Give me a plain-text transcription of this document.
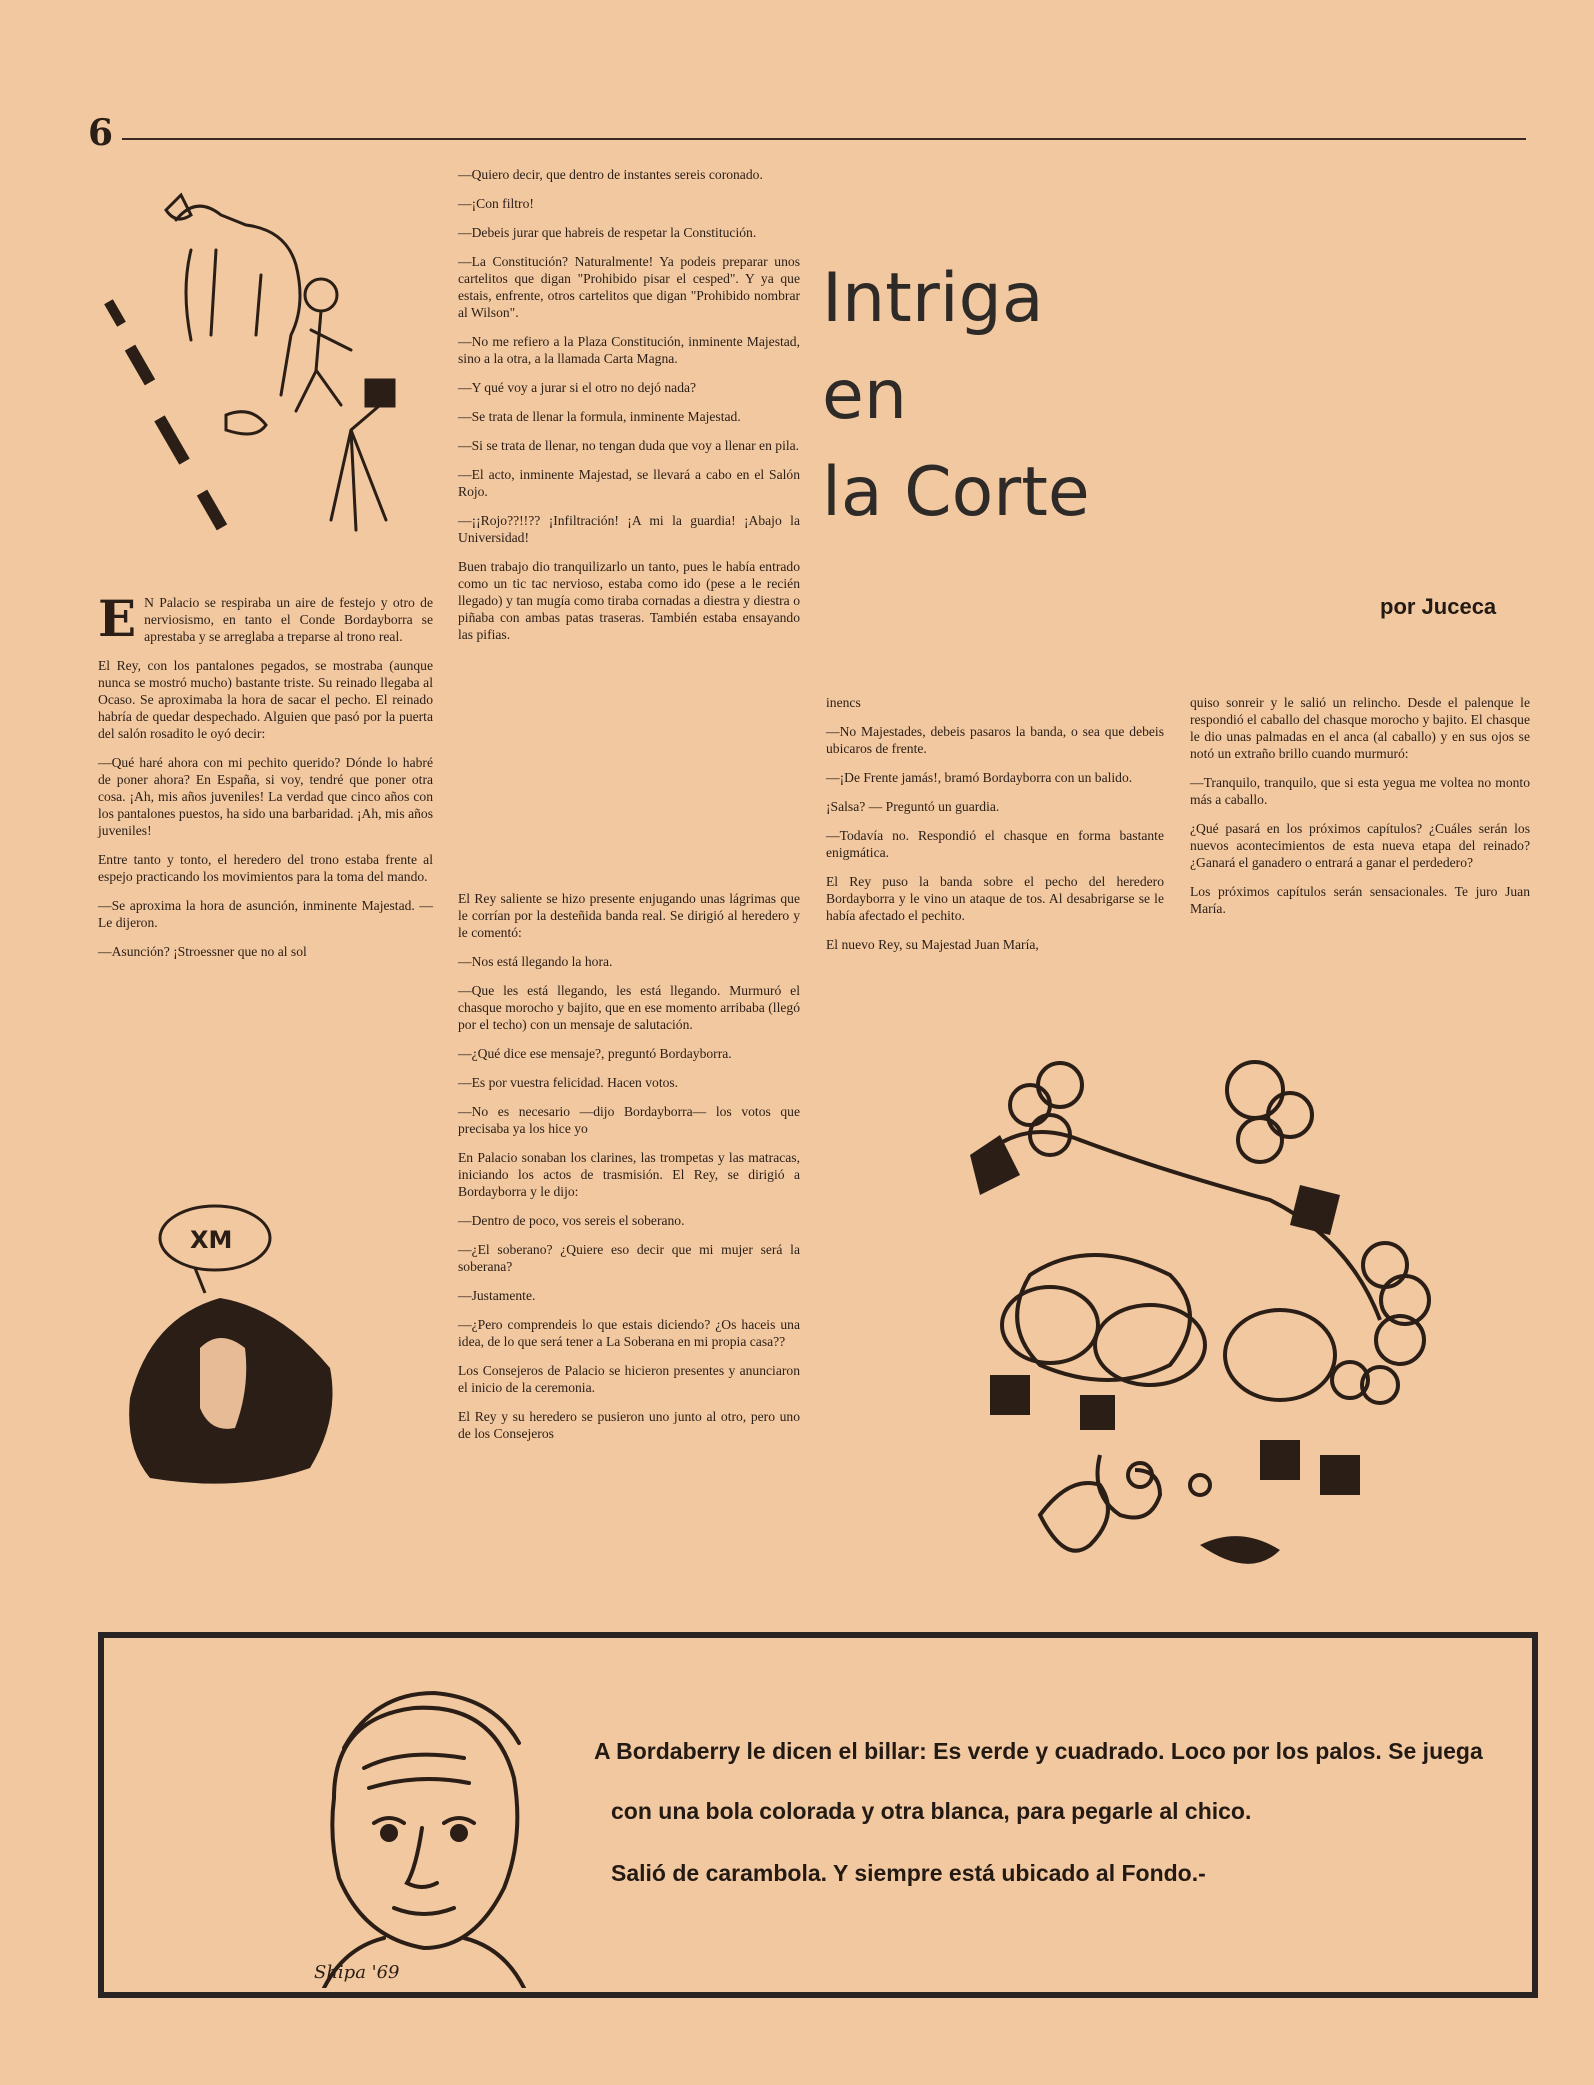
6
XM
Intriga
en
la Corte
por Juceca

E N Palacio se respiraba un aire de festejo y otro de nerviosismo, en tanto el Conde Bordayborra se aprestaba y se arreglaba a treparse al trono real.

El Rey, con los pantalones pegados, se mostraba (aunque nunca se mostró mucho) bastante triste. Su reinado llegaba al Ocaso. Se aproximaba la hora de sacar el pecho. El reinado habría de quedar despechado. Alguien que pasó por la puerta del salón rosadito le oyó decir:

—Qué haré ahora con mi pechito querido? Dónde lo habré de poner ahora? En España, si voy, tendré que poner otra cosa. ¡Ah, mis años juveniles! La verdad que cinco años con los pantalones puestos, ha sido una barbaridad. ¡Ah, mis años juveniles!

Entre tanto y tonto, el heredero del trono estaba frente al espejo practicando los movimientos para la toma del mando.

—Se aproxima la hora de asunción, inminente Majestad. —Le dijeron.

—Asunción? ¡Stroessner que no al sol

—Quiero decir, que dentro de instantes sereis coronado.

—¡Con filtro!

—Debeis jurar que habreis de respetar la Constitución.

—La Constitución? Naturalmente! Ya podeis preparar unos cartelitos que digan "Prohibido pisar el cesped". Y ya que estais, enfrente, otros cartelitos que digan "Prohibido nombrar al Wilson".

—No me refiero a la Plaza Constitución, inminente Majestad, sino a la otra, a la llamada Carta Magna.

—Y qué voy a jurar si el otro no dejó nada?

—Se trata de llenar la formula, inminente Majestad.

—Si se trata de llenar, no tengan duda que voy a llenar en pila.

—El acto, inminente Majestad, se llevará a cabo en el Salón Rojo.

—¡¡Rojo??!!?? ¡Infiltración! ¡A mi la guardia! ¡Abajo la Universidad!

Buen trabajo dio tranquilizarlo un tanto, pues le había entrado como un tic tac nervioso, estaba como ido (pese a le recién llegado) y tan mugía como tiraba cornadas a diestra y diestra o piñaba con ambas patas traseras. También estaba ensayando las pifias.

El Rey saliente se hizo presente enjugando unas lágrimas que le corrían por la desteñida banda real. Se dirigió al heredero y le comentó:

—Nos está llegando la hora.

—Que les está llegando, les está llegando. Murmuró el chasque morocho y bajito, que en ese momento arribaba (llegó por el techo) con un mensaje de salutación.

—¿Qué dice ese mensaje?, preguntó Bordayborra.

—Es por vuestra felicidad. Hacen votos.

—No es necesario —dijo Bordayborra— los votos que precisaba ya los hice yo

En Palacio sonaban los clarines, las trompetas y las matracas, iniciando los actos de trasmisión. El Rey, se dirigió a Bordayborra y le dijo:

—Dentro de poco, vos sereis el soberano.

—¿El soberano? ¿Quiere eso decir que mi mujer será la soberana?

—Justamente.

—¿Pero comprendeis lo que estais diciendo? ¿Os haceis una idea, de lo que será tener a La Soberana en mi propia casa??

Los Consejeros de Palacio se hicieron presentes y anunciaron el inicio de la ceremonia.

El Rey y su heredero se pusieron uno junto al otro, pero uno de los Consejeros

inencs

—No Majestades, debeis pasaros la banda, o sea que debeis ubicaros de frente.

—¡De Frente jamás!, bramó Bordayborra con un balido.

¡Salsa? — Preguntó un guardia.

—Todavía no. Respondió el chasque en forma bastante enigmática.

El Rey puso la banda sobre el pecho del heredero Bordayborra y le vino un ataque de tos. Al desabrigarse se le había afectado el pechito.

El nuevo Rey, su Majestad Juan María,

quiso sonreir y le salió un relincho. Desde el palenque le respondió el caballo del chasque morocho y bajito. El chasque le dio unas palmadas en el anca (al caballo) y en sus ojos se notó un extraño brillo cuando murmuró:

—Tranquilo, tranquilo, que si esta yegua me voltea no monto más a caballo.

¿Qué pasará en los próximos capítulos? ¿Cuáles serán los nuevos acontecimientos de esta nueva etapa del reinado? ¿Ganará el ganadero o entrará a ganar el perdedero?

Los próximos capítulos serán sensacionales. Te juro Juan María.

Shipa '69
A Bordaberry le dicen el billar: Es verde y cuadrado. Loco por los palos. Se juega
con una bola colorada y otra blanca, para pegarle al chico.
Salió de carambola. Y siempre está ubicado al Fondo.-
